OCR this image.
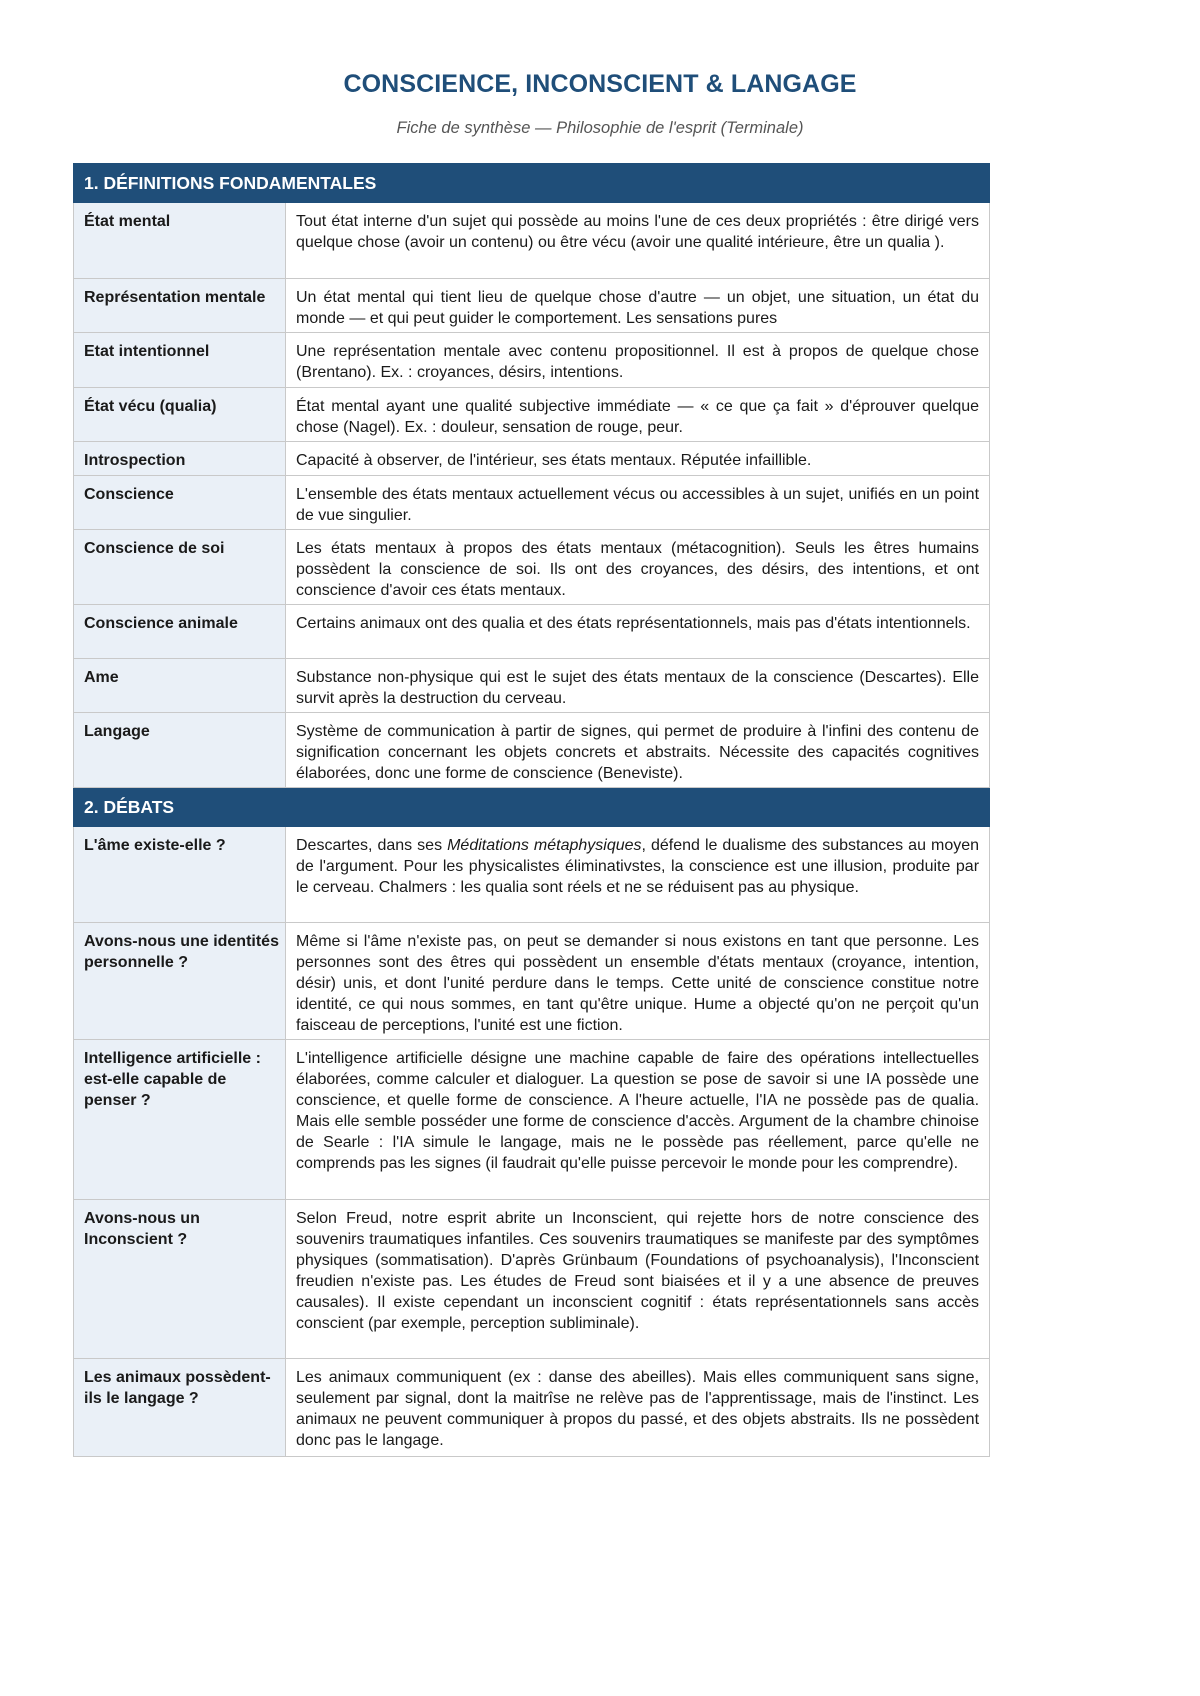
CONSCIENCE, INCONSCIENT & LANGAGE
Fiche de synthèse — Philosophie de l'esprit (Terminale)
1. DÉFINITIONS FONDAMENTALES	
État mental	Tout état interne d'un sujet qui possède au moins l'une de ces deux propriétés : être dirigé vers quelque chose (avoir un contenu) ou être vécu (avoir une qualité intérieure, être un qualia ).
Représentation mentale	Un état mental qui tient lieu de quelque chose d'autre — un objet, une situation, un état du monde — et qui peut guider le comportement. Les sensations pures
Etat intentionnel	Une représentation mentale avec contenu propositionnel. Il est à propos de quelque chose (Brentano). Ex. : croyances, désirs, intentions.
État vécu (qualia)	État mental ayant une qualité subjective immédiate — « ce que ça fait » d'éprouver quelque chose (Nagel). Ex. : douleur, sensation de rouge, peur.
Introspection	Capacité à observer, de l'intérieur, ses états mentaux. Réputée infaillible.
Conscience	L'ensemble des états mentaux actuellement vécus ou accessibles à un sujet, unifiés en un point de vue singulier.
Conscience de soi	Les états mentaux à propos des états mentaux (métacognition). Seuls les êtres humains possèdent la conscience de soi. Ils ont des croyances, des désirs, des intentions, et ont conscience d'avoir ces états mentaux.
Conscience animale	Certains animaux ont des qualia et des états représentationnels, mais pas d'états intentionnels.
Ame	Substance non-physique qui est le sujet des états mentaux de la conscience (Descartes). Elle survit après la destruction du cerveau.
Langage	Système de communication à partir de signes, qui permet de produire à l'infini des contenu de signification concernant les objets concrets et abstraits. Nécessite des capacités cognitives élaborées, donc une forme de conscience (Beneviste).
2. DÉBATS	
L'âme existe-elle ?	Descartes, dans ses Méditations métaphysiques, défend le dualisme des substances au moyen de l'argument. Pour les physicalistes éliminativstes, la conscience est une illusion, produite par le cerveau. Chalmers : les qualia sont réels et ne se réduisent pas au physique.
Avons-nous une identités personnelle ?	Même si l'âme n'existe pas, on peut se demander si nous existons en tant que personne. Les personnes sont des êtres qui possèdent un ensemble d'états mentaux (croyance, intention, désir) unis, et dont l'unité perdure dans le temps. Cette unité de conscience constitue notre identité, ce qui nous sommes, en tant qu'être unique. Hume a objecté qu'on ne perçoit qu'un faisceau de perceptions, l'unité est une fiction.
Intelligence artificielle : est-elle capable de penser ?	L'intelligence artificielle désigne une machine capable de faire des opérations intellectuelles élaborées, comme calculer et dialoguer. La question se pose de savoir si une IA possède une conscience, et quelle forme de conscience. A l'heure actuelle, l'IA ne possède pas de qualia. Mais elle semble posséder une forme de conscience d'accès. Argument de la chambre chinoise de Searle : l'IA simule le langage, mais ne le possède pas réellement, parce qu'elle ne comprends pas les signes (il faudrait qu'elle puisse percevoir le monde pour les comprendre).
Avons-nous un Inconscient ?	Selon Freud, notre esprit abrite un Inconscient, qui rejette hors de notre conscience des souvenirs traumatiques infantiles. Ces souvenirs traumatiques se manifeste par des symptômes physiques (sommatisation). D'après Grünbaum (Foundations of psychoanalysis), l'Inconscient freudien n'existe pas. Les études de Freud sont biaisées et il y a une absence de preuves causales). Il existe cependant un inconscient cognitif : états représentationnels sans accès conscient (par exemple, perception subliminale).
Les animaux possèdent-ils le langage ?	Les animaux communiquent (ex : danse des abeilles). Mais elles communiquent sans signe, seulement par signal, dont la maitrîse ne relève pas de l'apprentissage, mais de l'instinct. Les animaux ne peuvent communiquer à propos du passé, et des objets abstraits. Ils ne possèdent donc pas le langage.
